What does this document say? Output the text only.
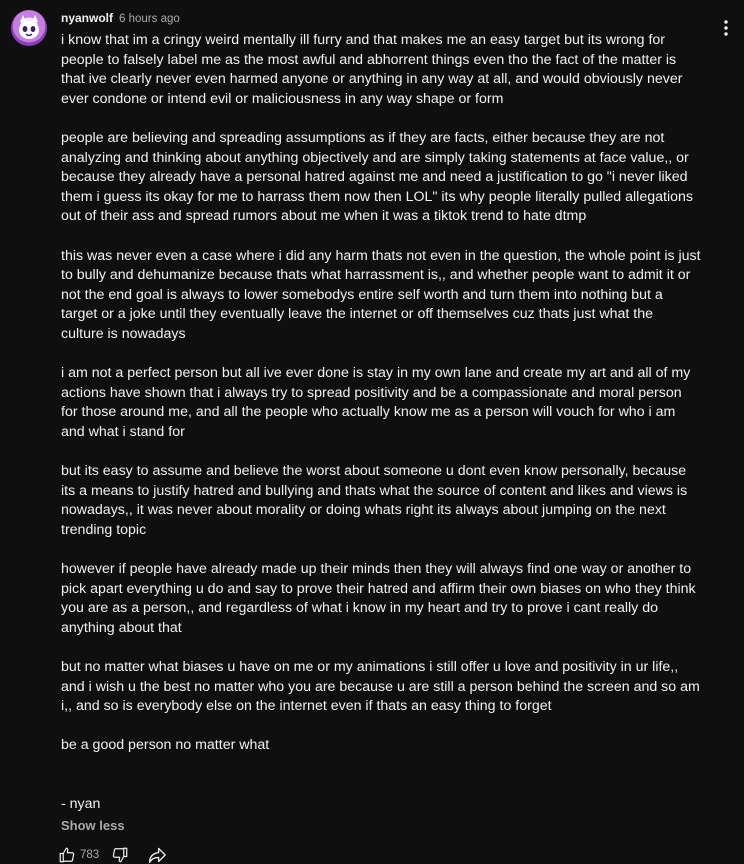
nyanwolf 6 hours ago

i know that im a cringy weird mentally ill furry and that makes me an easy target but its wrong for
people to falsely label me as the most awful and abhorrent things even tho the fact of the matter is
that ive clearly never even harmed anyone or anything in any way at all, and would obviously never
ever condone or intend evil or maliciousness in any way shape or form

people are believing and spreading assumptions as if they are facts, either because they are not
analyzing and thinking about anything objectively and are simply taking statements at face value,, or
because they already have a personal hatred against me and need a justification to go "i never liked
them i guess its okay for me to harrass them now then LOL" its why people literally pulled allegations
out of their ass and spread rumors about me when it was a tiktok trend to hate dtmp

this was never even a case where i did any harm thats not even in the question, the whole point is just
to bully and dehumanize because thats what harrassment is,, and whether people want to admit it or
not the end goal is always to lower somebodys entire self worth and turn them into nothing but a
target or a joke until they eventually leave the internet or off themselves cuz thats just what the
culture is nowadays

i am not a perfect person but all ive ever done is stay in my own lane and create my art and all of my
actions have shown that i always try to spread positivity and be a compassionate and moral person
for those around me, and all the people who actually know me as a person will vouch for who i am
and what i stand for

but its easy to assume and believe the worst about someone u dont even know personally, because
its a means to justify hatred and bullying and thats what the source of content and likes and views is
nowadays,, it was never about morality or doing whats right its always about jumping on the next
trending topic

however if people have already made up their minds then they will always find one way or another to
pick apart everything u do and say to prove their hatred and affirm their own biases on who they think
you are as a person,, and regardless of what i know in my heart and try to prove i cant really do
anything about that

but no matter what biases u have on me or my animations i still offer u love and positivity in ur life,,
and i wish u the best no matter who you are because u are still a person behind the screen and so am
i,, and so is everybody else on the internet even if thats an easy thing to forget

be a good person no matter what

- nyan

Show less
783
